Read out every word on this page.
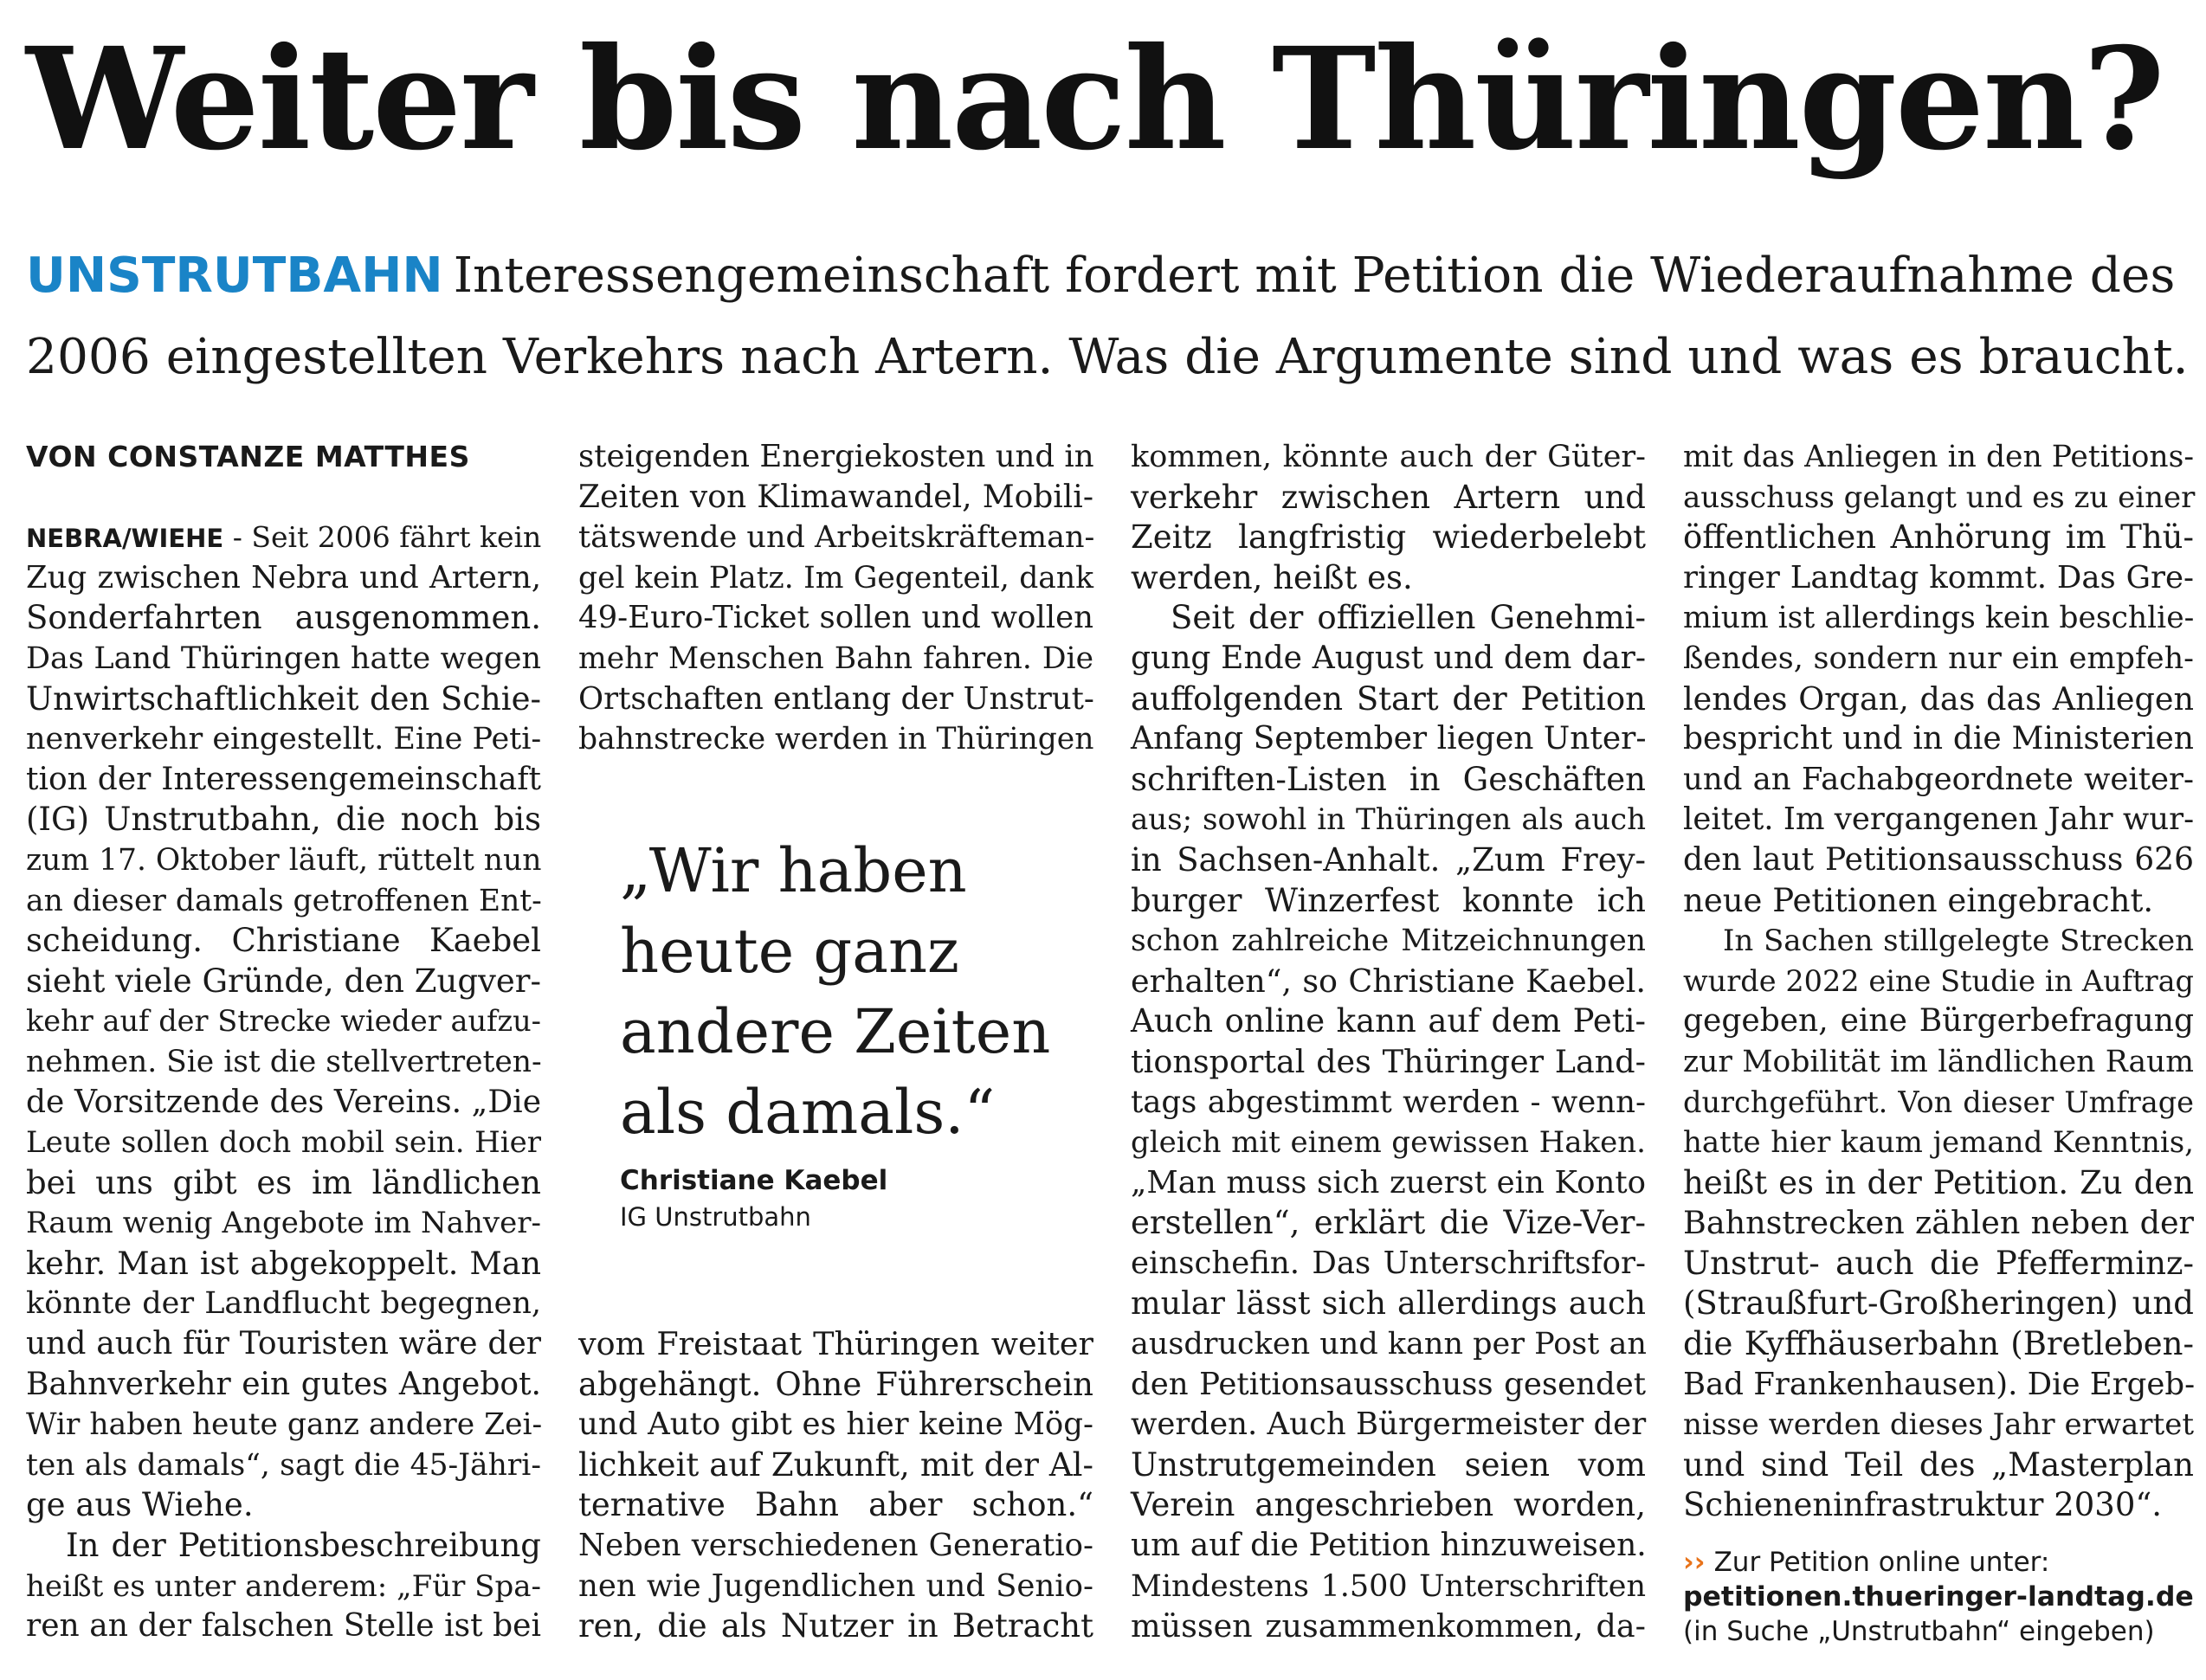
Weiter bis nach Thüringen?
UNSTRUTBAHN Interessengemeinschaft fordert mit Petition die Wiederaufnahme des
2006 eingestellten Verkehrs nach Artern. Was die Argumente sind und was es braucht.
VON CONSTANZE MATTHES
NEBRA/WIEHE - Seit 2006 fährt kein
Zug zwischen Nebra und Artern,
Sonderfahrten ausgenommen.
Das Land Thüringen hatte wegen
Unwirtschaftlichkeit den Schie-
nenverkehr eingestellt. Eine Peti-
tion der Interessengemeinschaft
(IG) Unstrutbahn, die noch bis
zum 17. Oktober läuft, rüttelt nun
an dieser damals getroffenen Ent-
scheidung. Christiane Kaebel
sieht viele Gründe, den Zugver-
kehr auf der Strecke wieder aufzu-
nehmen. Sie ist die stellvertreten-
de Vorsitzende des Vereins. „Die
Leute sollen doch mobil sein. Hier
bei uns gibt es im ländlichen
Raum wenig Angebote im Nahver-
kehr. Man ist abgekoppelt. Man
könnte der Landflucht begegnen,
und auch für Touristen wäre der
Bahnverkehr ein gutes Angebot.
Wir haben heute ganz andere Zei-
ten als damals“, sagt die 45-Jähri-
ge aus Wiehe.
In der Petitionsbeschreibung
heißt es unter anderem: „Für Spa-
ren an der falschen Stelle ist bei
steigenden Energiekosten und in
Zeiten von Klimawandel, Mobili-
tätswende und Arbeitskräfteman-
gel kein Platz. Im Gegenteil, dank
49-Euro-Ticket sollen und wollen
mehr Menschen Bahn fahren. Die
Ortschaften entlang der Unstrut-
bahnstrecke werden in Thüringen
„Wir haben
heute ganz
andere Zeiten
als damals.“
Christiane Kaebel
IG Unstrutbahn
vom Freistaat Thüringen weiter
abgehängt. Ohne Führerschein
und Auto gibt es hier keine Mög-
lichkeit auf Zukunft, mit der Al-
ternative Bahn aber schon.“
Neben verschiedenen Generatio-
nen wie Jugendlichen und Senio-
ren, die als Nutzer in Betracht
kommen, könnte auch der Güter-
verkehr zwischen Artern und
Zeitz langfristig wiederbelebt
werden, heißt es.
Seit der offiziellen Genehmi-
gung Ende August und dem dar-
auffolgenden Start der Petition
Anfang September liegen Unter-
schriften-Listen in Geschäften
aus; sowohl in Thüringen als auch
in Sachsen-Anhalt. „Zum Frey-
burger Winzerfest konnte ich
schon zahlreiche Mitzeichnungen
erhalten“, so Christiane Kaebel.
Auch online kann auf dem Peti-
tionsportal des Thüringer Land-
tags abgestimmt werden - wenn-
gleich mit einem gewissen Haken.
„Man muss sich zuerst ein Konto
erstellen“, erklärt die Vize-Ver-
einschefin. Das Unterschriftsfor-
mular lässt sich allerdings auch
ausdrucken und kann per Post an
den Petitionsausschuss gesendet
werden. Auch Bürgermeister der
Unstrutgemeinden seien vom
Verein angeschrieben worden,
um auf die Petition hinzuweisen.
Mindestens 1.500 Unterschriften
müssen zusammenkommen, da-
mit das Anliegen in den Petitions-
ausschuss gelangt und es zu einer
öffentlichen Anhörung im Thü-
ringer Landtag kommt. Das Gre-
mium ist allerdings kein beschlie-
ßendes, sondern nur ein empfeh-
lendes Organ, das das Anliegen
bespricht und in die Ministerien
und an Fachabgeordnete weiter-
leitet. Im vergangenen Jahr wur-
den laut Petitionsausschuss 626
neue Petitionen eingebracht.
In Sachen stillgelegte Strecken
wurde 2022 eine Studie in Auftrag
gegeben, eine Bürgerbefragung
zur Mobilität im ländlichen Raum
durchgeführt. Von dieser Umfrage
hatte hier kaum jemand Kenntnis,
heißt es in der Petition. Zu den
Bahnstrecken zählen neben der
Unstrut- auch die Pfefferminz-
(Straußfurt-Großheringen) und
die Kyffhäuserbahn (Bretleben-
Bad Frankenhausen). Die Ergeb-
nisse werden dieses Jahr erwartet
und sind Teil des „Masterplan
Schieneninfrastruktur 2030“.
›› Zur Petition online unter:
petitionen.thueringer-landtag.de
(in Suche „Unstrutbahn“ eingeben)
